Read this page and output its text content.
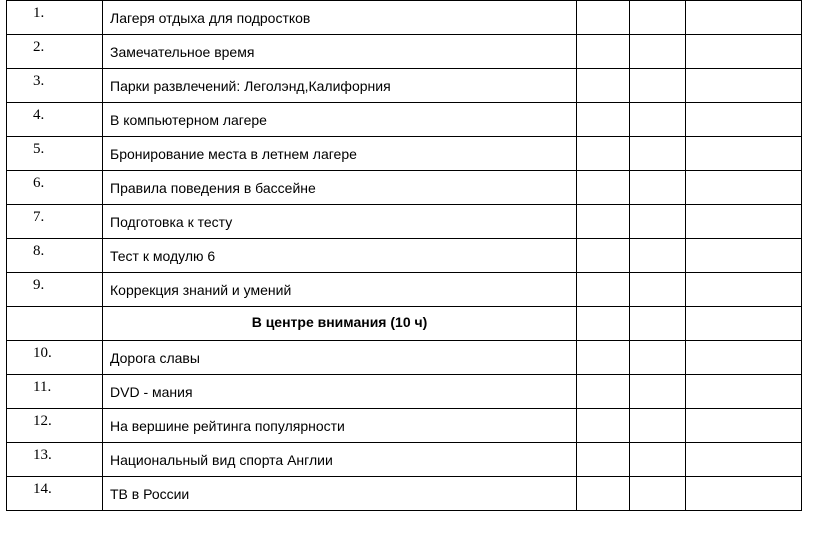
1.	Лагеря отдыха для подростков			
2.	Замечательное время			
3.	Парки развлечений: Леголэнд,Калифорния			
4.	В компьютерном лагере			
5.	Бронирование места в летнем лагере			
6.	Правила поведения в бассейне			
7.	Подготовка к тесту			
8.	Тест к модулю 6			
9.	Коррекция знаний и умений			
	В центре внимания (10 ч)			
10.	Дорога славы			
11.	DVD - мания			
12.	На вершине рейтинга популярности			
13.	Национальный вид спорта Англии			
14.	ТВ в России			
